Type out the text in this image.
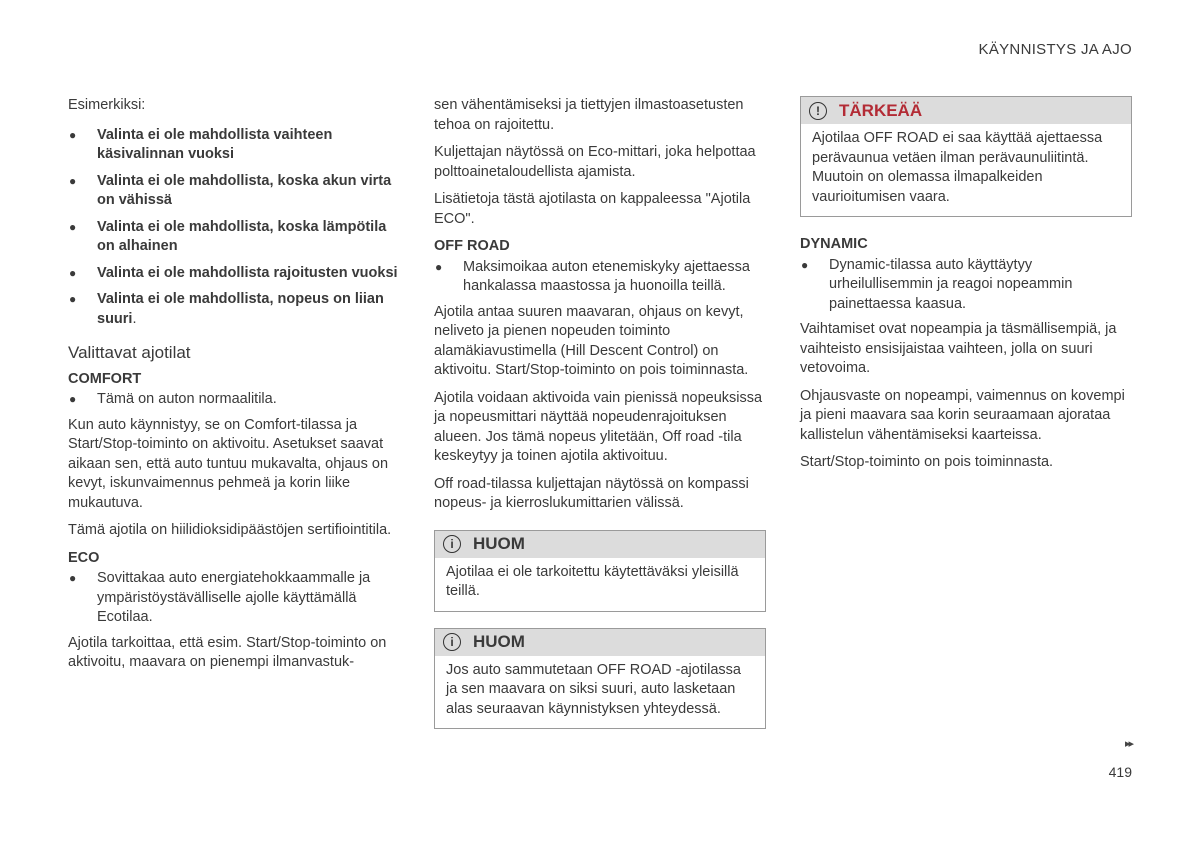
KÄYNNISTYS JA AJO

Esimerkiksi:

● Valinta ei ole mahdollista vaihteen käsivalinnan vuoksi
● Valinta ei ole mahdollista, koska akun virta on vähissä
● Valinta ei ole mahdollista, koska lämpötila on alhainen
● Valinta ei ole mahdollista rajoitusten vuoksi
● Valinta ei ole mahdollista, nopeus on liian suuri.
Valittavat ajotilat
COMFORT
● Tämä on auton normaalitila.

Kun auto käynnistyy, se on Comfort-tilassa ja Start/Stop-toiminto on aktivoitu. Asetukset saavat aikaan sen, että auto tuntuu mukavalta, ohjaus on kevyt, iskunvaimennus pehmeä ja korin liike mukautuva.

Tämä ajotila on hiilidioksidipäästöjen sertifiointitila.

ECO
● Sovittakaa auto energiatehokkaammalle ja ympäristöystävälliselle ajolle käyttämällä Ecotilaa.

Ajotila tarkoittaa, että esim. Start/Stop-toiminto on aktivoitu, maavara on pienempi ilmanvastuk-

sen vähentämiseksi ja tiettyjen ilmastoasetusten tehoa on rajoitettu.

Kuljettajan näytössä on Eco-mittari, joka helpottaa polttoainetaloudellista ajamista.

Lisätietoja tästä ajotilasta on kappaleessa "Ajotila ECO".

OFF ROAD
● Maksimoikaa auton etenemiskyky ajettaessa hankalassa maastossa ja huonoilla teillä.

Ajotila antaa suuren maavaran, ohjaus on kevyt, neliveto ja pienen nopeuden toiminto alamäkiavustimella (Hill Descent Control) on aktivoitu. Start/Stop-toiminto on pois toiminnasta.

Ajotila voidaan aktivoida vain pienissä nopeuksissa ja nopeusmittari näyttää nopeudenrajoituksen alueen. Jos tämä nopeus ylitetään, Off road -tila keskeytyy ja toinen ajotila aktivoituu.

Off road-tilassa kuljettajan näytössä on kompassi nopeus- ja kierroslukumittarien välissä.

i	HUOM
Ajotilaa ei ole tarkoitettu käytettäväksi yleisillä teillä.
i	HUOM
Jos auto sammutetaan OFF ROAD -ajotilassa ja sen maavara on siksi suuri, auto lasketaan alas seuraavan käynnistyksen yhteydessä.
!	TÄRKEÄÄ
Ajotilaa OFF ROAD ei saa käyttää ajettaessa perävaunua vetäen ilman perävaunuliitintä. Muutoin on olemassa ilmapalkeiden vaurioitumisen vaara.
DYNAMIC
● Dynamic-tilassa auto käyttäytyy urheilullisemmin ja reagoi nopeammin painettaessa kaasua.

Vaihtamiset ovat nopeampia ja täsmällisempiä, ja vaihteisto ensisijaistaa vaihteen, jolla on suuri vetovoima.

Ohjausvaste on nopeampi, vaimennus on kovempi ja pieni maavara saa korin seuraamaan ajorataa kallistelun vähentämiseksi kaarteissa.

Start/Stop-toiminto on pois toiminnasta.

▸▸
419
